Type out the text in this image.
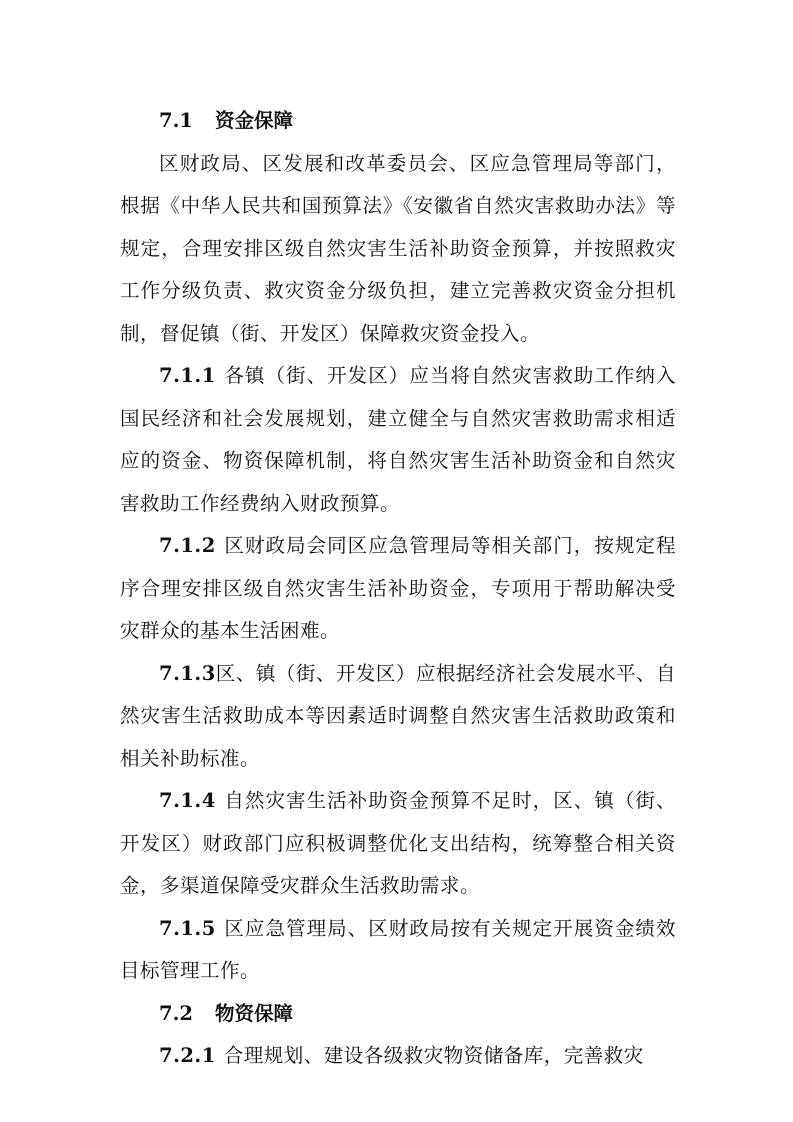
7.1 资金保障

区财政局、区发展和改革委员会、区应急管理局等部门，根据《中华人民共和国预算法》《安徽省自然灾害救助办法》等规定，合理安排区级自然灾害生活补助资金预算，并按照救灾工作分级负责、救灾资金分级负担，建立完善救灾资金分担机制，督促镇（街、开发区）保障救灾资金投入。

7.1.1 各镇（街、开发区）应当将自然灾害救助工作纳入国民经济和社会发展规划，建立健全与自然灾害救助需求相适应的资金、物资保障机制，将自然灾害生活补助资金和自然灾害救助工作经费纳入财政预算。

7.1.2 区财政局会同区应急管理局等相关部门，按规定程序合理安排区级自然灾害生活补助资金，专项用于帮助解决受灾群众的基本生活困难。

7.1.3区、镇（街、开发区）应根据经济社会发展水平、自然灾害生活救助成本等因素适时调整自然灾害生活救助政策和相关补助标准。

7.1.4 自然灾害生活补助资金预算不足时，区、镇（街、开发区）财政部门应积极调整优化支出结构，统筹整合相关资金，多渠道保障受灾群众生活救助需求。

7.1.5 区应急管理局、区财政局按有关规定开展资金绩效目标管理工作。

7.2 物资保障

7.2.1 合理规划、建设各级救灾物资储备库，完善救灾
